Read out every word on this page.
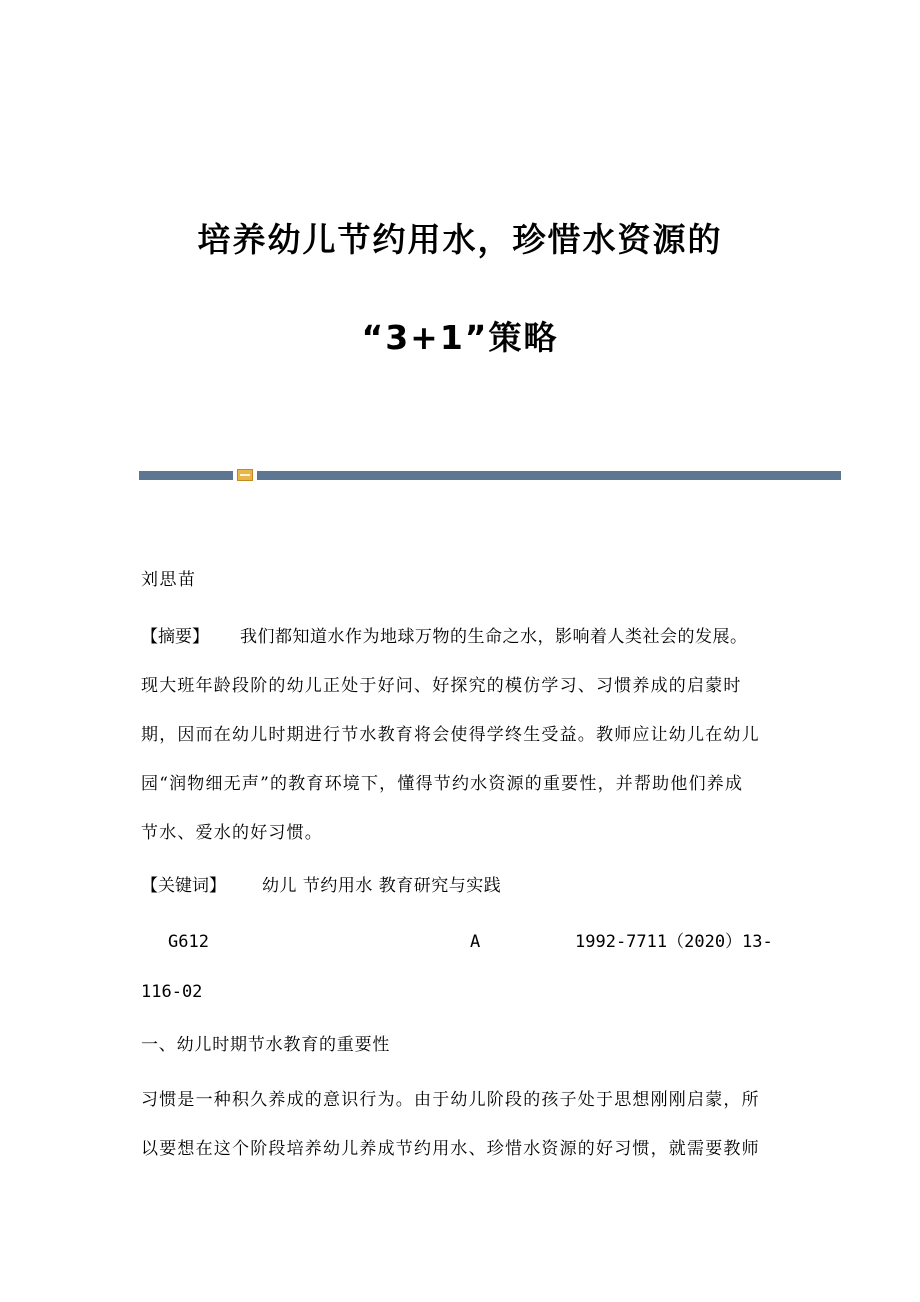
培养幼儿节约用水，珍惜水资源的
“3+1”策略
刘思苗
【摘要】 我们都知道水作为地球万物的生命之水，影响着人类社会的发展。
现大班年龄段阶的幼儿正处于好问、好探究的模仿学习、习惯养成的启蒙时
期，因而在幼儿时期进行节水教育将会使得学终生受益。教师应让幼儿在幼儿
园“润物细无声”的教育环境下，懂得节约水资源的重要性，并帮助他们养成
节水、爱水的好习惯。
【关键词】 幼儿 节约用水 教育研究与实践
G612	A	1992-7711（2020）13-
116-02
一、幼儿时期节水教育的重要性
习惯是一种积久养成的意识行为。由于幼儿阶段的孩子处于思想刚刚启蒙，所
以要想在这个阶段培养幼儿养成节约用水、珍惜水资源的好习惯，就需要教师
